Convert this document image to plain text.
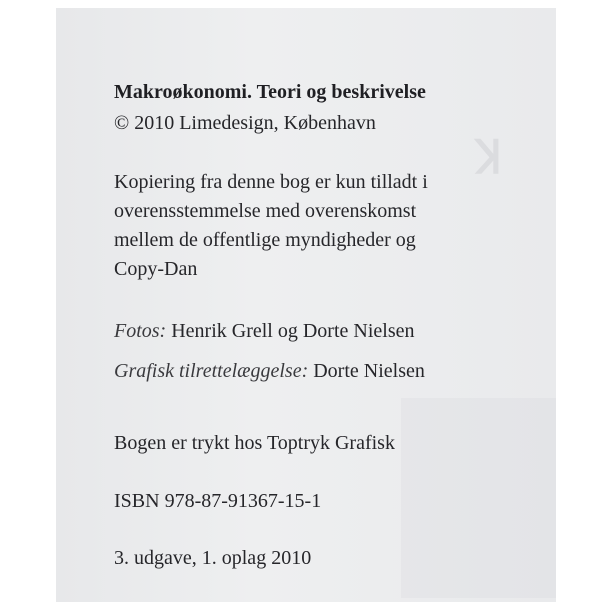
ꓘ

Makroøkonomi. Teori og beskrivelse

© 2010 Limedesign, København

Kopiering fra denne bog er kun tilladt i
overensstemmelse med overenskomst
mellem de offentlige myndigheder og
Copy-Dan

Fotos: Henrik Grell og Dorte Nielsen

Grafisk tilrettelæggelse: Dorte Nielsen

Bogen er trykt hos Toptryk Grafisk

ISBN 978-87-91367-15-1

3. udgave, 1. oplag 2010
